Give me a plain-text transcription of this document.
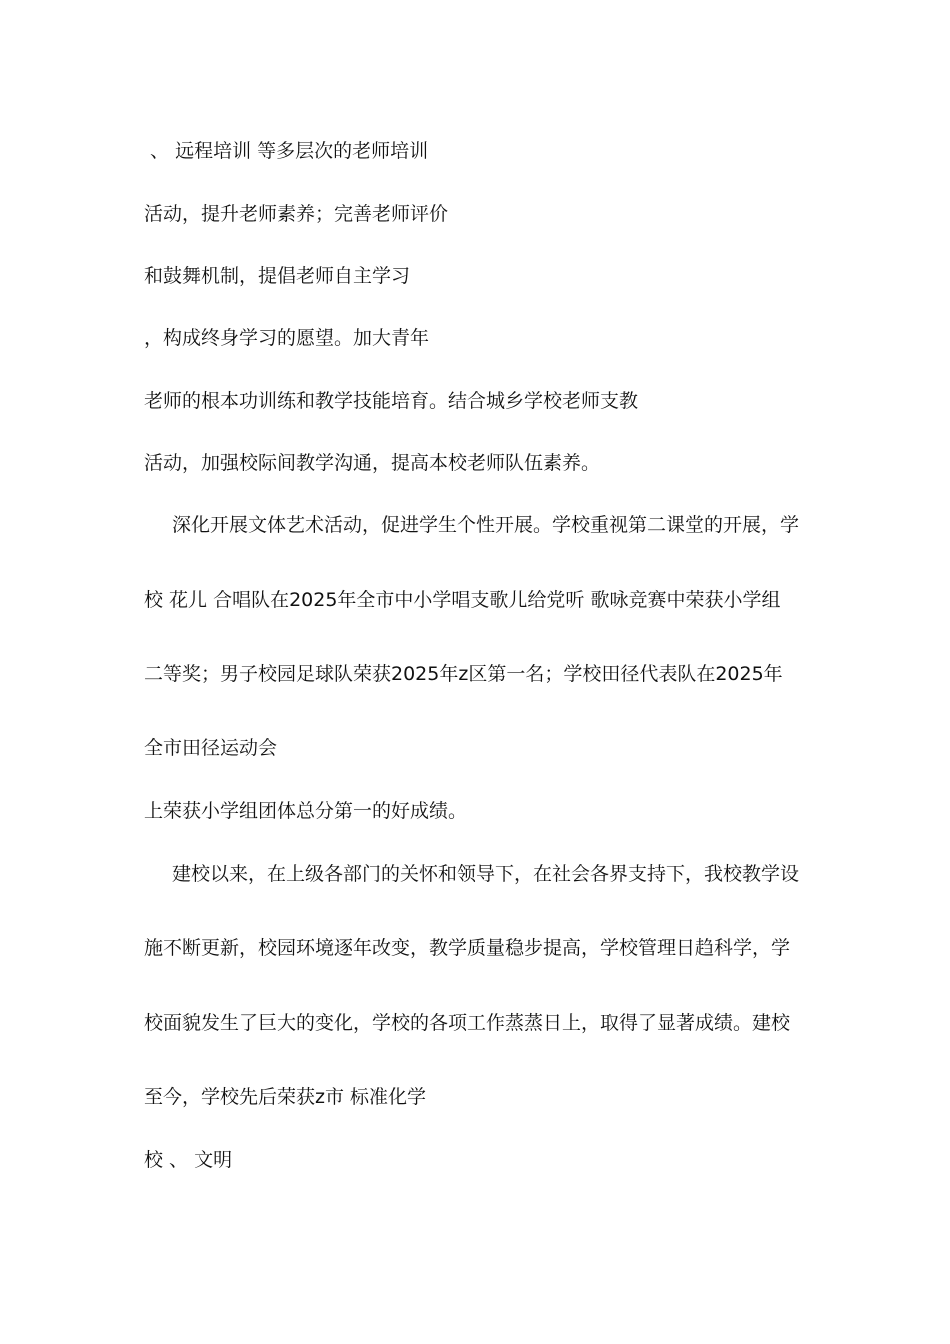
、 远程培训 等多层次的老师培训
活动，提升老师素养；完善老师评价
和鼓舞机制，提倡老师自主学习
，构成终身学习的愿望。加大青年
老师的根本功训练和教学技能培育。结合城乡学校老师支教
活动，加强校际间教学沟通，提高本校老师队伍素养。
深化开展文体艺术活动，促进学生个性开展。学校重视第二课堂的开展，学
校 花儿 合唱队在2025年全市中小学唱支歌儿给党听 歌咏竞赛中荣获小学组
二等奖；男子校园足球队荣获2025年z区第一名；学校田径代表队在2025年
全市田径运动会
上荣获小学组团体总分第一的好成绩。
建校以来，在上级各部门的关怀和领导下，在社会各界支持下，我校教学设
施不断更新，校园环境逐年改变，教学质量稳步提高，学校管理日趋科学，学
校面貌发生了巨大的变化，学校的各项工作蒸蒸日上，取得了显著成绩。建校
至今，学校先后荣获z市 标准化学
校 、 文明
